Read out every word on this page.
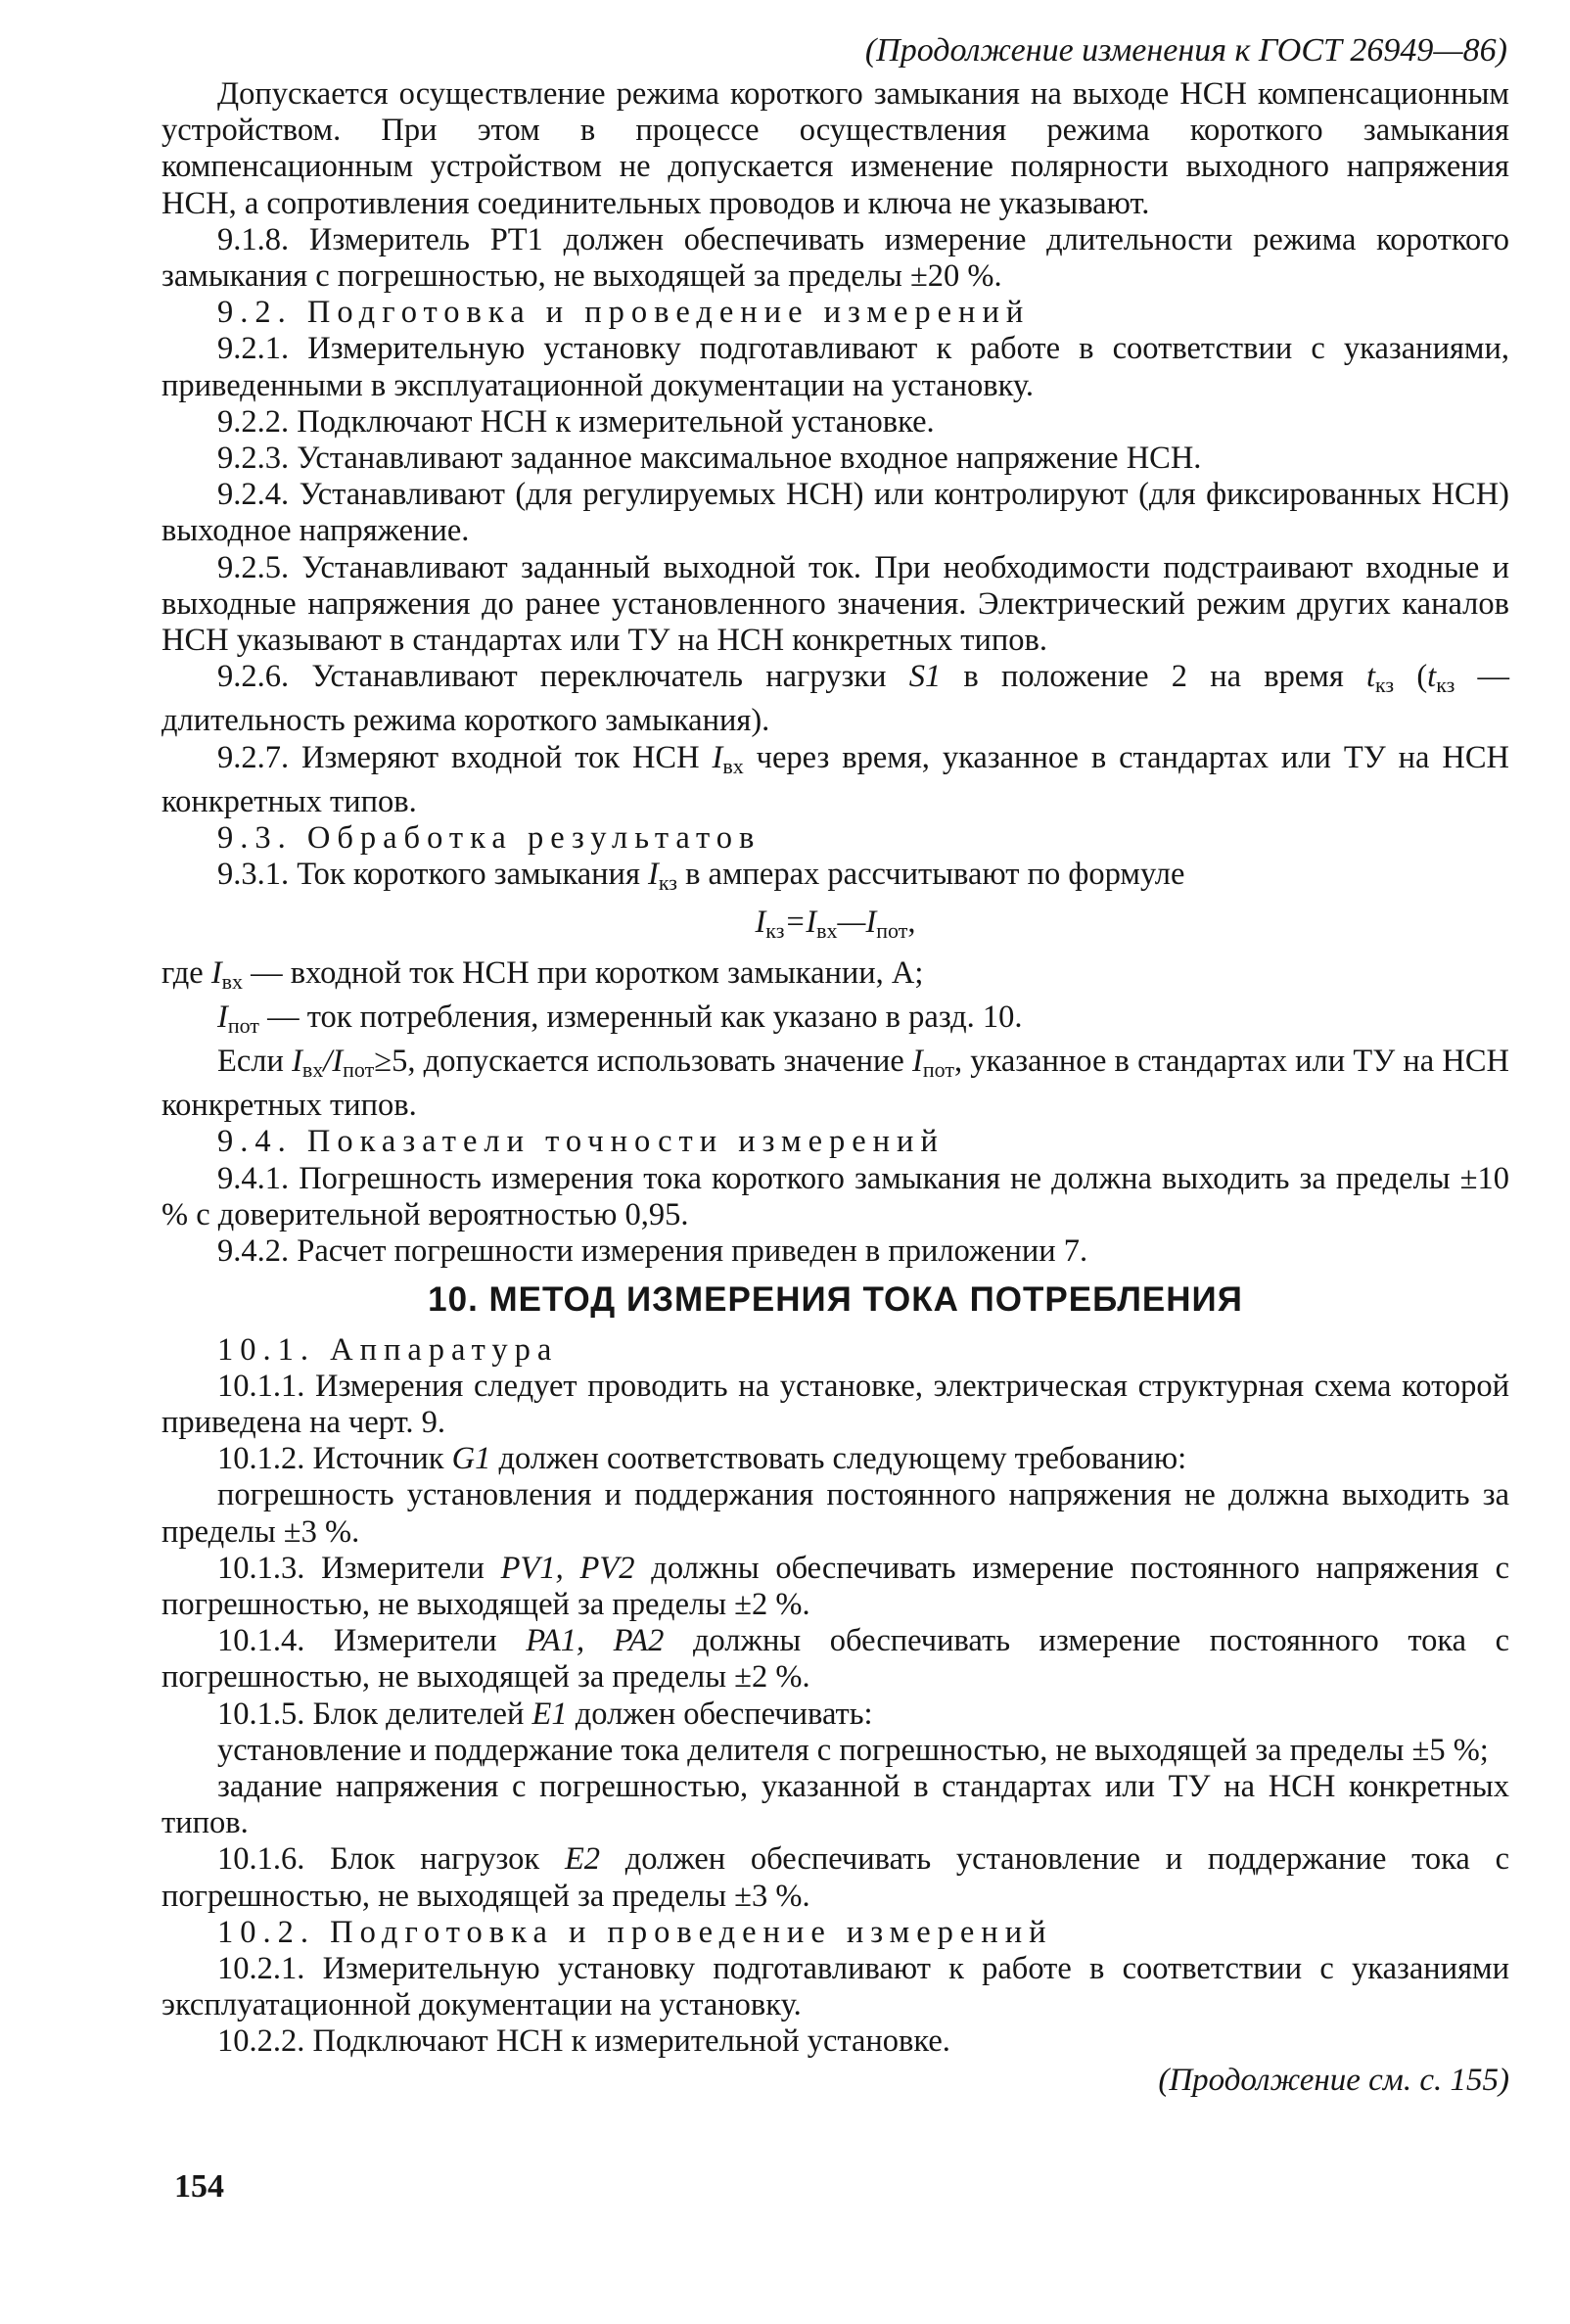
(Продолжение изменения к ГОСТ 26949—86)

Допускается осуществление режима короткого замыкания на выходе НСН компенсационным устройством. При этом в процессе осуществления режима короткого замыкания компенсационным устройством не допускается изменение полярности выходного напряжения НСН, а сопротивления соединительных проводов и ключа не указывают.

9.1.8. Измеритель PT1 должен обеспечивать измерение длительности режима короткого замыкания с погрешностью, не выходящей за пределы ±20 %.

9.2. Подготовка и проведение измерений

9.2.1. Измерительную установку подготавливают к работе в соответствии с указаниями, приведенными в эксплуатационной документации на установку.

9.2.2. Подключают НСН к измерительной установке.

9.2.3. Устанавливают заданное максимальное входное напряжение НСН.

9.2.4. Устанавливают (для регулируемых НСН) или контролируют (для фиксированных НСН) выходное напряжение.

9.2.5. Устанавливают заданный выходной ток. При необходимости подстраивают входные и выходные напряжения до ранее установленного значения. Электрический режим других каналов НСН указывают в стандартах или ТУ на НСН конкретных типов.

9.2.6. Устанавливают переключатель нагрузки S1 в положение 2 на время $t_{кз}$ ($t_{кз}$ — длительность режима короткого замыкания).

9.2.7. Измеряют входной ток НСН $I_{вх}$ через время, указанное в стандартах или ТУ на НСН конкретных типов.

9.3. Обработка результатов

9.3.1. Ток короткого замыкания $I_{кз}$ в амперах рассчитывают по формуле

$I_{кз}=I_{вх}—I_{пот}$,

где $I_{вх}$ — входной ток НСН при коротком замыкании, А;

$I_{пот}$ — ток потребления, измеренный как указано в разд. 10.

Если $I_{вх}/I_{пот}\ge 5$, допускается использовать значение $I_{пот}$, указанное в стандартах или ТУ на НСН конкретных типов.

9.4. Показатели точности измерений

9.4.1. Погрешность измерения тока короткого замыкания не должна выходить за пределы ±10 % с доверительной вероятностью 0,95.

9.4.2. Расчет погрешности измерения приведен в приложении 7.

10. МЕТОД ИЗМЕРЕНИЯ ТОКА ПОТРЕБЛЕНИЯ

10.1. Аппаратура

10.1.1. Измерения следует проводить на установке, электрическая структурная схема которой приведена на черт. 9.

10.1.2. Источник G1 должен соответствовать следующему требованию:

погрешность установления и поддержания постоянного напряжения не должна выходить за пределы ±3 %.

10.1.3. Измерители PV1, PV2 должны обеспечивать измерение постоянного напряжения с погрешностью, не выходящей за пределы ±2 %.

10.1.4. Измерители PA1, PA2 должны обеспечивать измерение постоянного тока с погрешностью, не выходящей за пределы ±2 %.

10.1.5. Блок делителей E1 должен обеспечивать:

установление и поддержание тока делителя с погрешностью, не выходящей за пределы ±5 %;

задание напряжения с погрешностью, указанной в стандартах или ТУ на НСН конкретных типов.

10.1.6. Блок нагрузок E2 должен обеспечивать установление и поддержание тока с погрешностью, не выходящей за пределы ±3 %.

10.2. Подготовка и проведение измерений

10.2.1. Измерительную установку подготавливают к работе в соответствии с указаниями эксплуатационной документации на установку.

10.2.2. Подключают НСН к измерительной установке.

(Продолжение см. с. 155)
154
